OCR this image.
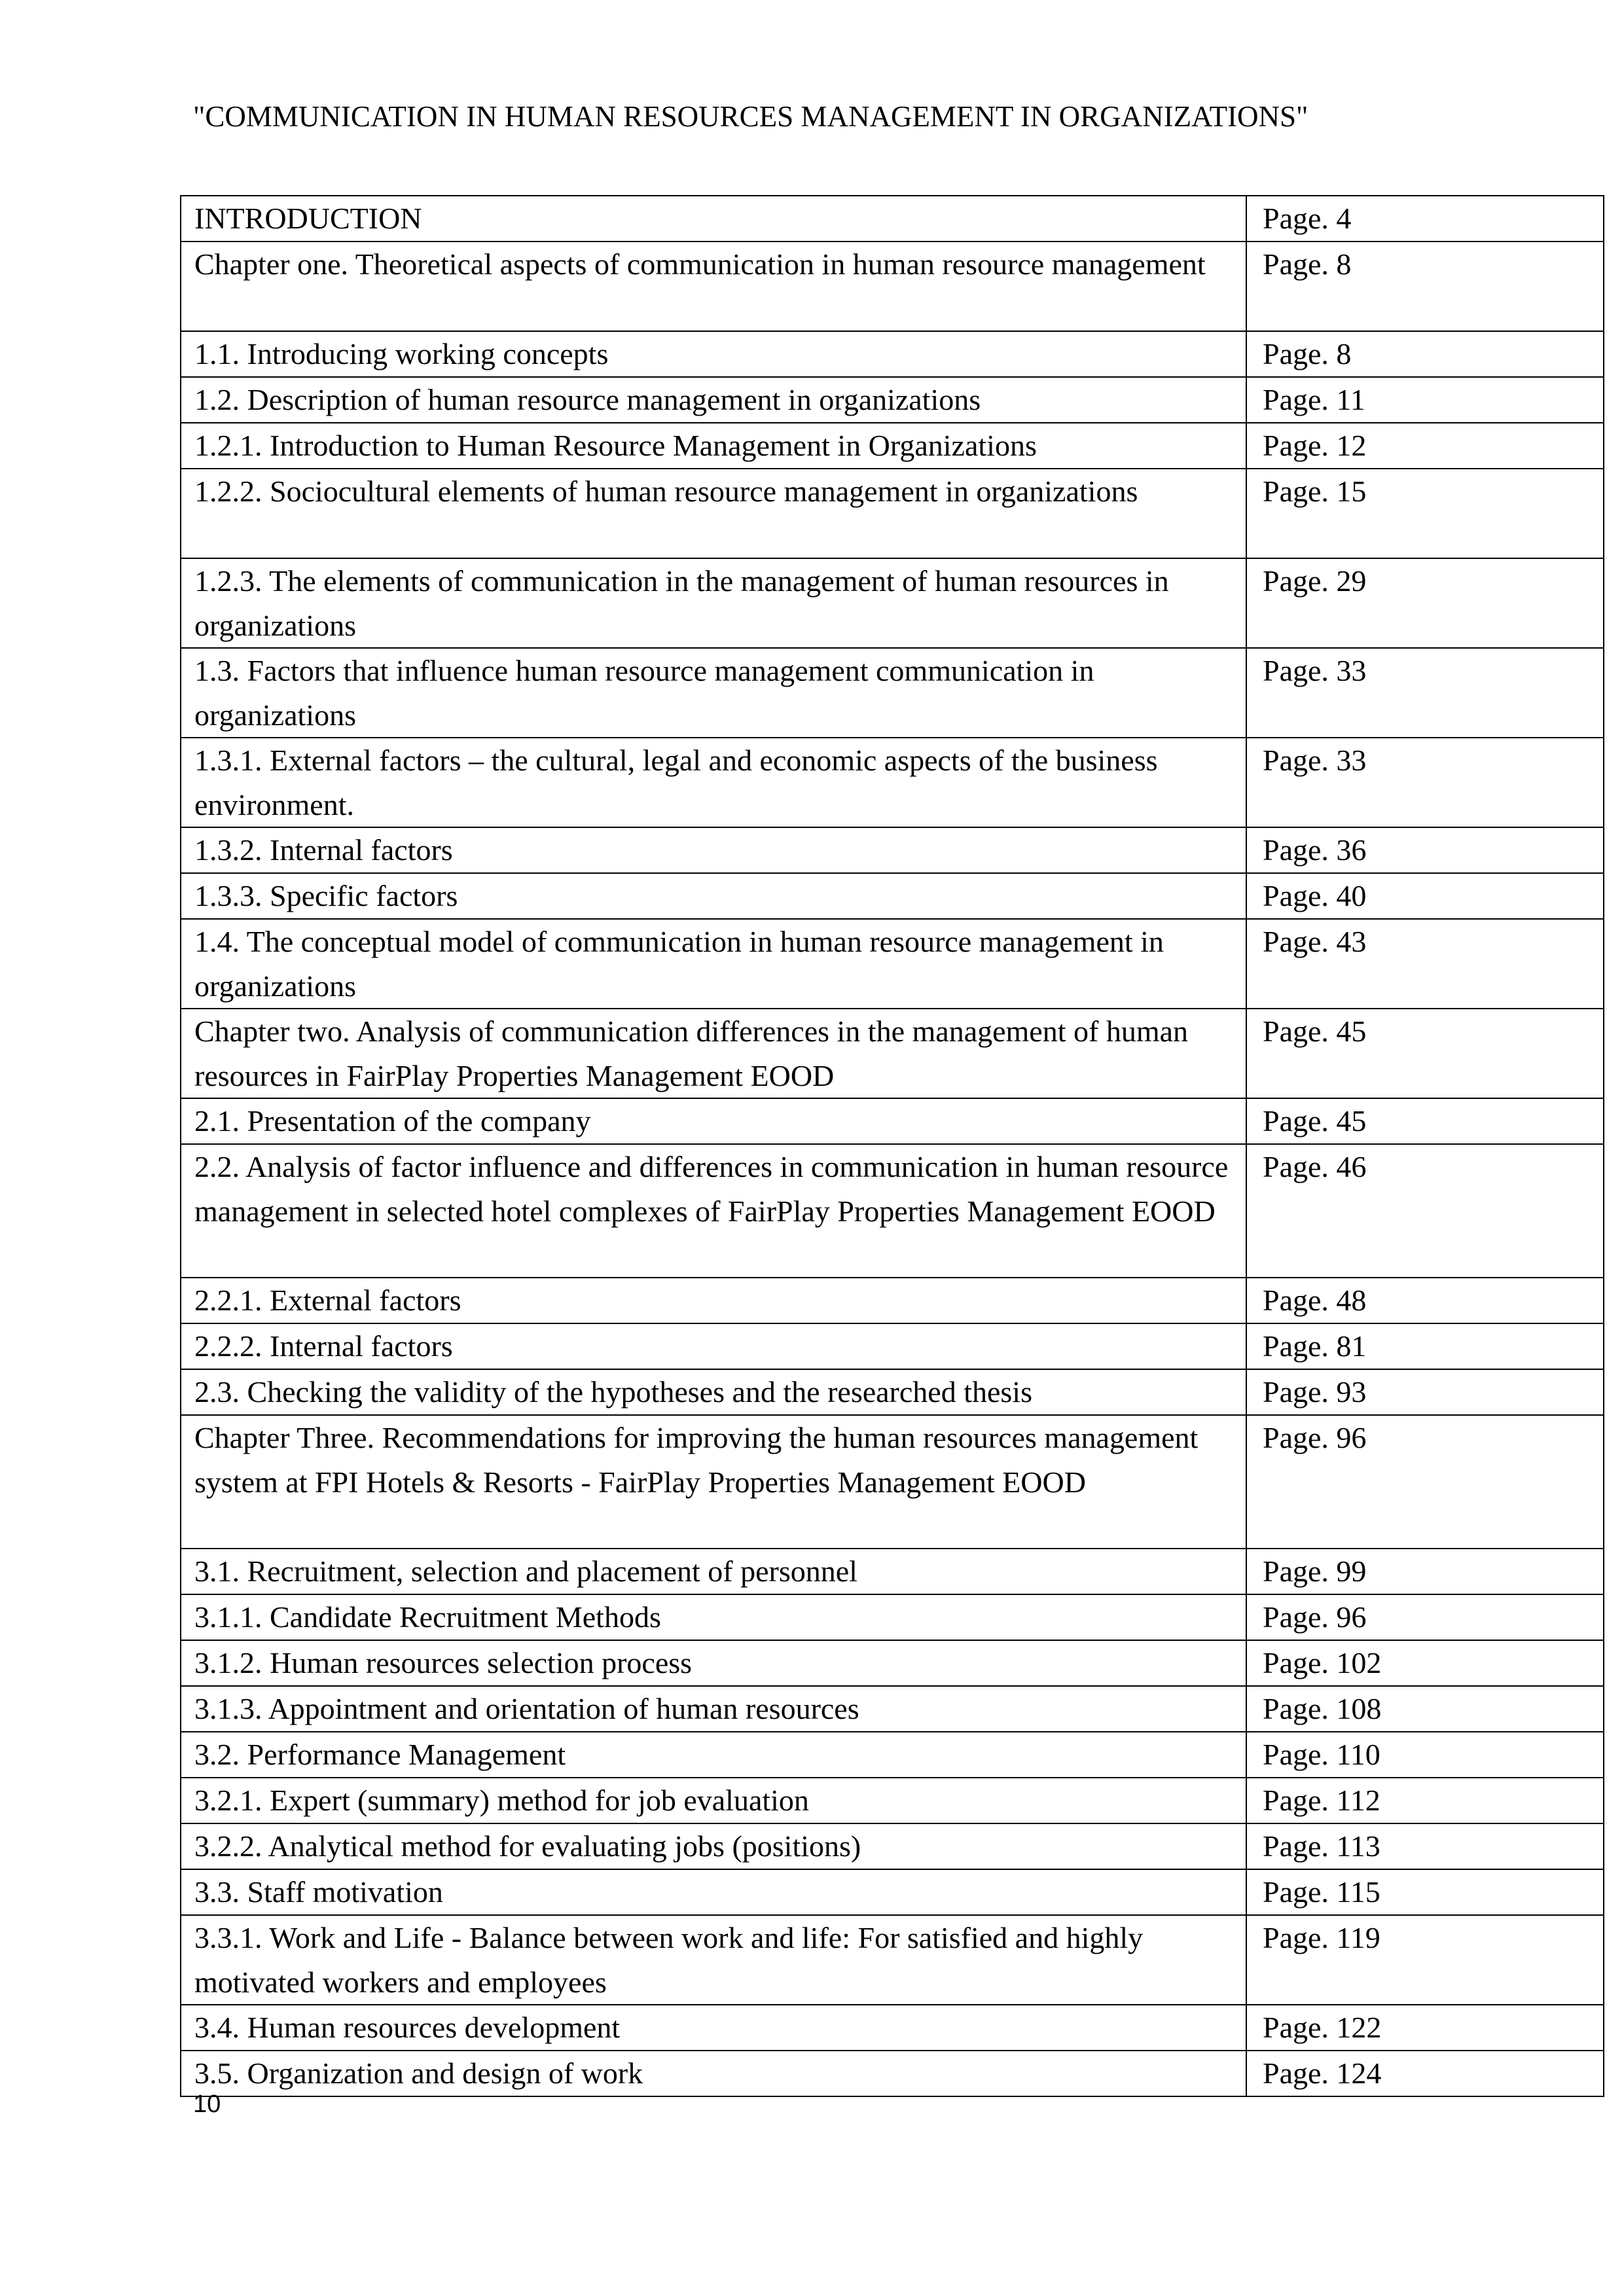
"COMMUNICATION IN HUMAN RESOURCES MANAGEMENT IN ORGANIZATIONS"
INTRODUCTION	Page. 4
Chapter one. Theoretical aspects of communication in human resource management	Page. 8
1.1. Introducing working concepts	Page. 8
1.2. Description of human resource management in organizations	Page. 11
1.2.1. Introduction to Human Resource Management in Organizations	Page. 12
1.2.2. Sociocultural elements of human resource management in organizations	Page. 15
1.2.3. The elements of communication in the management of human resources in organizations	Page. 29
1.3. Factors that influence human resource management communication in organizations	Page. 33
1.3.1. External factors – the cultural, legal and economic aspects of the business environment.	Page. 33
1.3.2. Internal factors	Page. 36
1.3.3. Specific factors	Page. 40
1.4. The conceptual model of communication in human resource management in organizations	Page. 43
Chapter two. Analysis of communication differences in the management of human resources in FairPlay Properties Management EOOD	Page. 45
2.1. Presentation of the company	Page. 45
2.2. Analysis of factor influence and differences in communication in human resource management in selected hotel complexes of FairPlay Properties Management EOOD	Page. 46
2.2.1. External factors	Page. 48
2.2.2. Internal factors	Page. 81
2.3. Checking the validity of the hypotheses and the researched thesis	Page. 93
Chapter Three. Recommendations for improving the human resources management system at FPI Hotels & Resorts - FairPlay Properties Management EOOD	Page. 96
3.1. Recruitment, selection and placement of personnel	Page. 99
3.1.1. Candidate Recruitment Methods	Page. 96
3.1.2. Human resources selection process	Page. 102
3.1.3. Appointment and orientation of human resources	Page. 108
3.2. Performance Management	Page. 110
3.2.1. Expert (summary) method for job evaluation	Page. 112
3.2.2. Analytical method for evaluating jobs (positions)	Page. 113
3.3. Staff motivation	Page. 115
3.3.1. Work and Life - Balance between work and life: For satisfied and highly motivated workers and employees	Page. 119
3.4. Human resources development	Page. 122
3.5. Organization and design of work	Page. 124
10
